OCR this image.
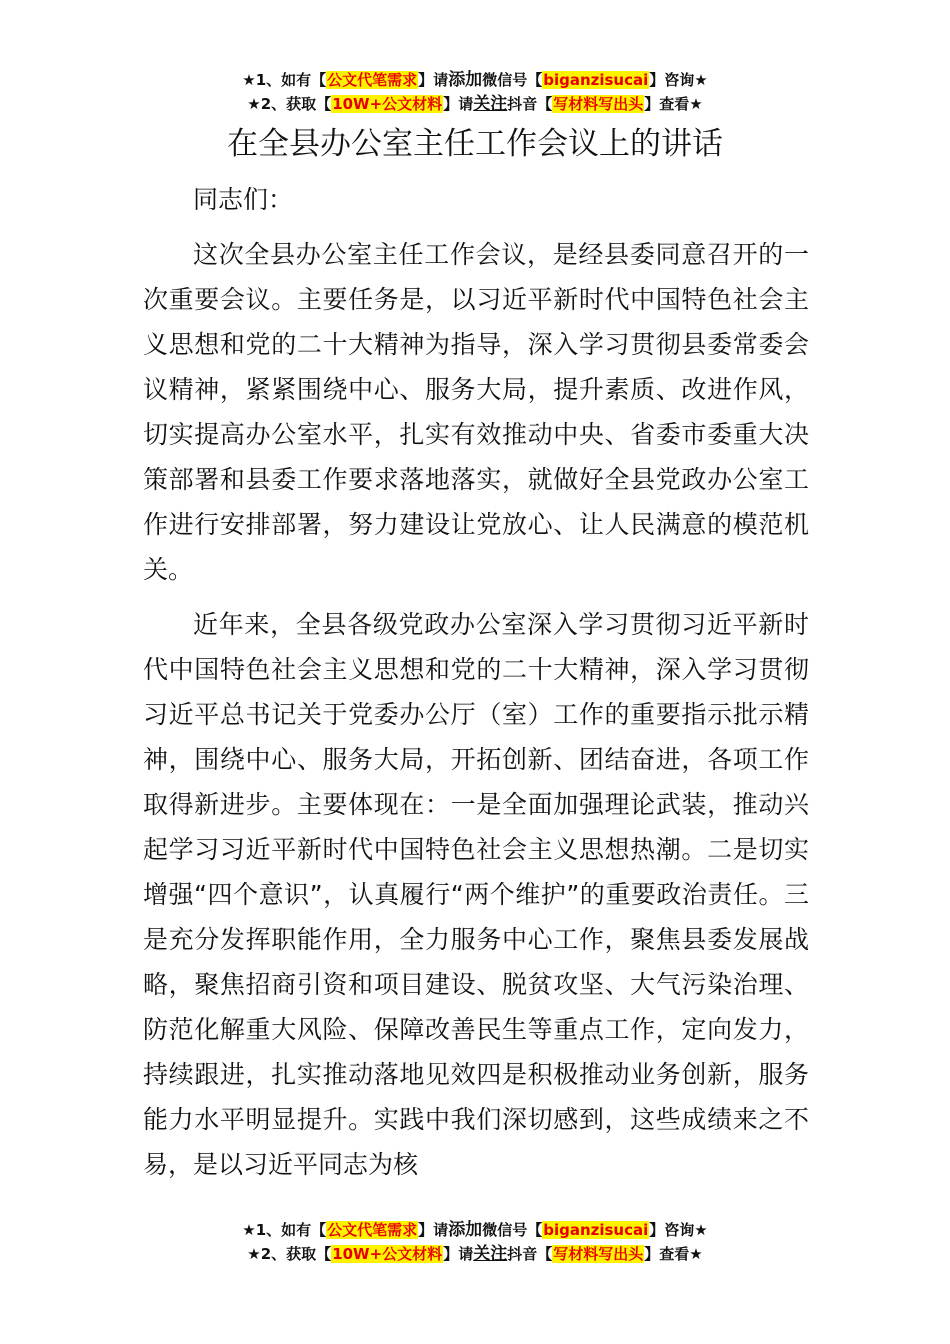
★1、如有【公文代笔需求】请添加微信号【biganzisucai】咨询★
★2、获取【10W+公文材料】请关注抖音【写材料写出头】查看★
在全县办公室主任工作会议上的讲话

同志们：

这次全县办公室主任工作会议，是经县委同意召开的一次重要会议。主要任务是，以习近平新时代中国特色社会主义思想和党的二十大精神为指导，深入学习贯彻县委常委会议精神，紧紧围绕中心、服务大局，提升素质、改进作风，切实提高办公室水平，扎实有效推动中央、省委市委重大决策部署和县委工作要求落地落实，就做好全县党政办公室工作进行安排部署，努力建设让党放心、让人民满意的模范机关。

近年来，全县各级党政办公室深入学习贯彻习近平新时代中国特色社会主义思想和党的二十大精神，深入学习贯彻习近平总书记关于党委办公厅（室）工作的重要指示批示精神，围绕中心、服务大局，开拓创新、团结奋进，各项工作取得新进步。主要体现在：一是全面加强理论武装，推动兴起学习习近平新时代中国特色社会主义思想热潮。二是切实增强“四个意识”，认真履行“两个维护”的重要政治责任。三是充分发挥职能作用，全力服务中心工作，聚焦县委发展战略，聚焦招商引资和项目建设、脱贫攻坚、大气污染治理、防范化解重大风险、保障改善民生等重点工作，定向发力，持续跟进，扎实推动落地见效四是积极推动业务创新，服务能力水平明显提升。实践中我们深切感到，这些成绩来之不易，是以习近平同志为核

★1、如有【公文代笔需求】请添加微信号【biganzisucai】咨询★
★2、获取【10W+公文材料】请关注抖音【写材料写出头】查看★
